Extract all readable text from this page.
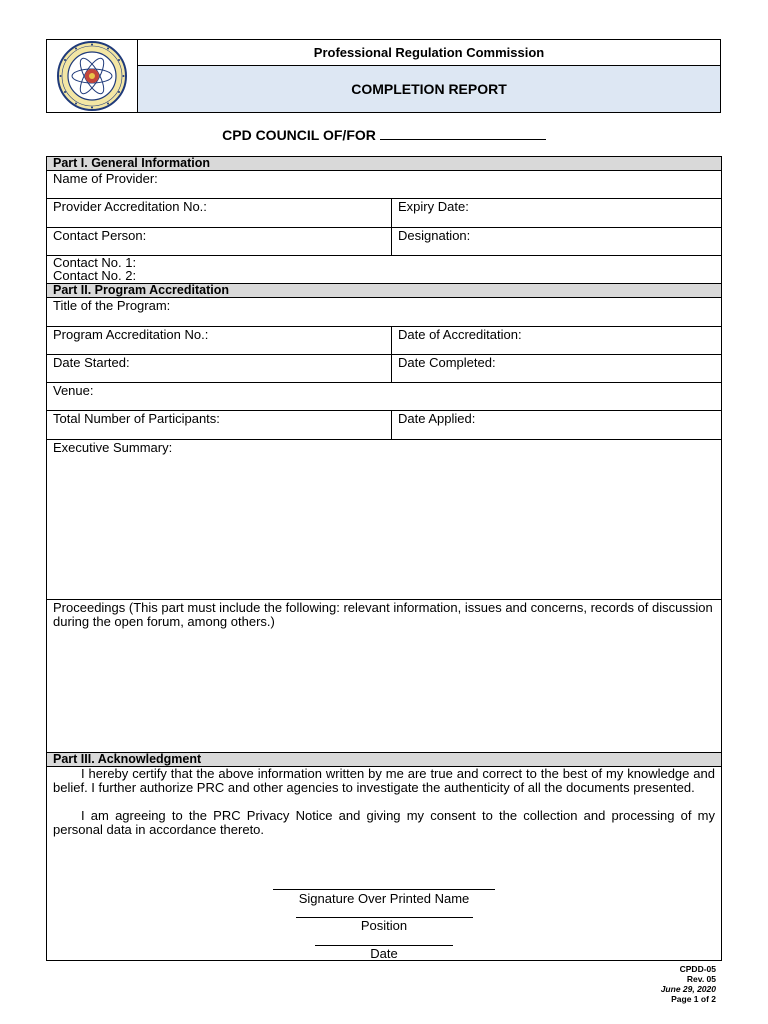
Professional Regulation Commission
COMPLETION REPORT
CPD COUNCIL OF/FOR
Part I. General Information
Name of Provider:
Provider Accreditation No.:	Expiry Date:
Contact Person:	Designation:
Contact No. 1:
Contact No. 2:
Part II. Program Accreditation
Title of the Program:
Program Accreditation No.:	Date of Accreditation:
Date Started:	Date Completed:
Venue:
Total Number of Participants:	Date Applied:
Executive Summary:
Proceedings (This part must include the following: relevant information, issues and concerns, records of discussion during the open forum, among others.)
Part III. Acknowledgment

I hereby certify that the above information written by me are true and correct to the best of my knowledge and belief. I further authorize PRC and other agencies to investigate the authenticity of all the documents presented.

I am agreeing to the PRC Privacy Notice and giving my consent to the collection and processing of my personal data in accordance thereto.

Signature Over Printed Name
Position
Date
CPDD-05
Rev. 05
June 29, 2020
Page 1 of 2
